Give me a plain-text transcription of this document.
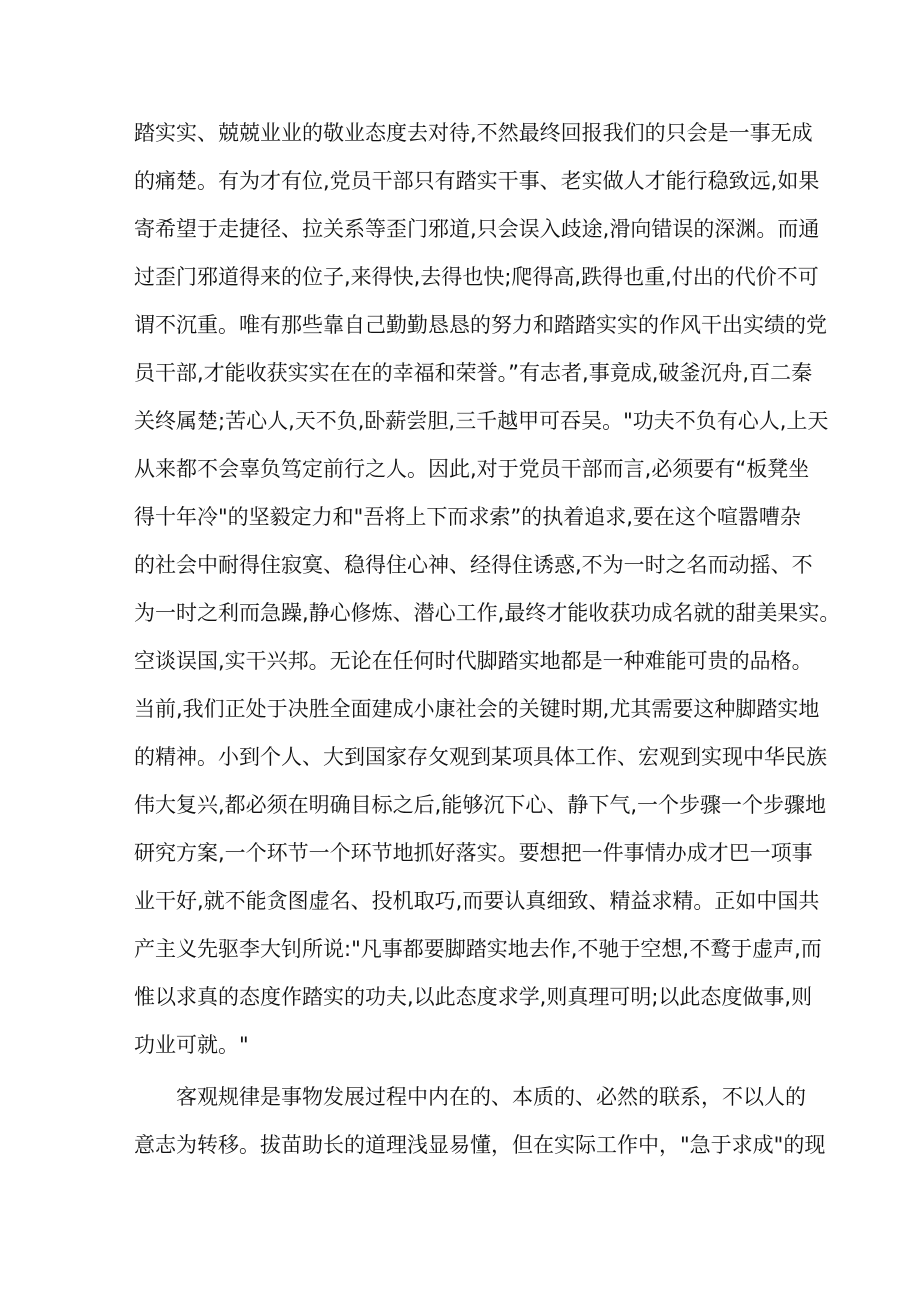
踏实实、兢兢业业的敬业态度去对待,不然最终回报我们的只会是一事无成
的痛楚。有为才有位,党员干部只有踏实干事、老实做人才能行稳致远,如果
寄希望于走捷径、拉关系等歪门邪道,只会误入歧途,滑向错误的深渊。而通
过歪门邪道得来的位子,来得快,去得也快;爬得高,跌得也重,付出的代价不可
谓不沉重。唯有那些靠自己勤勤恳恳的努力和踏踏实实的作风干出实绩的党
员干部,才能收获实实在在的幸福和荣誉。”有志者,事竟成,破釜沉舟,百二秦
关终属楚;苦心人,天不负,卧薪尝胆,三千越甲可吞吴。"功夫不负有心人,上天
从来都不会辜负笃定前行之人。因此,对于党员干部而言,必须要有“板凳坐
得十年冷"的坚毅定力和"吾将上下而求索”的执着追求,要在这个喧嚣嘈杂
的社会中耐得住寂寞、稳得住心神、经得住诱惑,不为一时之名而动摇、不
为一时之利而急躁,静心修炼、潜心工作,最终才能收获功成名就的甜美果实。
空谈误国,实干兴邦。无论在任何时代脚踏实地都是一种难能可贵的品格。
当前,我们正处于决胜全面建成小康社会的关键时期,尤其需要这种脚踏实地
的精神。小到个人、大到国家存攵观到某项具体工作、宏观到实现中华民族
伟大复兴,都必须在明确目标之后,能够沉下心、静下气,一个步骤一个步骤地
研究方案,一个环节一个环节地抓好落实。要想把一件事情办成才巴一项事
业干好,就不能贪图虚名、投机取巧,而要认真细致、精益求精。正如中国共
产主义先驱李大钊所说:"凡事都要脚踏实地去作,不驰于空想,不鹜于虚声,而
惟以求真的态度作踏实的功夫,以此态度求学,则真理可明;以此态度做事,则
功业可就。"
客观规律是事物发展过程中内在的、本质的、必然的联系，不以人的
意志为转移。拔苗助长的道理浅显易懂，但在实际工作中，"急于求成"的现
